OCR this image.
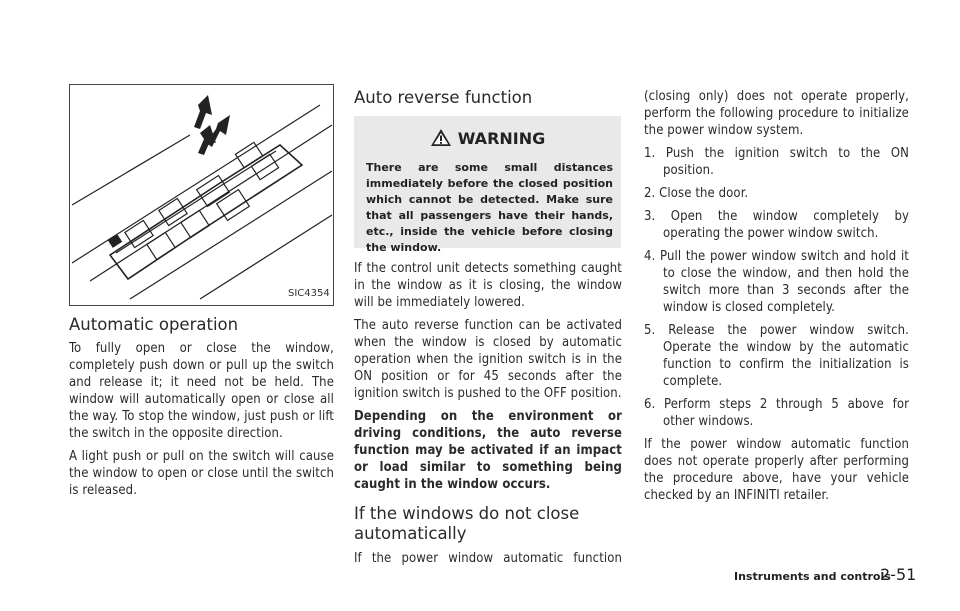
SIC4354
Automatic operation

To fully open or close the window, completely push down or pull up the switch and release it; it need not be held. The window will automatically open or close all the way. To stop the window, just push or lift the switch in the opposite direction.

A light push or pull on the switch will cause the window to open or close until the switch is released.

Auto reverse function
WARNING
There are some small distances immediately before the closed position which cannot be detected. Make sure that all passengers have their hands, etc., inside the vehicle before closing the window.

If the control unit detects something caught in the window as it is closing, the window will be immediately lowered.

The auto reverse function can be activated when the window is closed by automatic operation when the ignition switch is in the ON position or for 45 seconds after the ignition switch is pushed to the OFF position.

Depending on the environment or driving conditions, the auto reverse function may be activated if an impact or load similar to something being caught in the window occurs.

If the windows do not close automatically

If the power window automatic function

(closing only) does not operate properly, perform the following procedure to initialize the power window system.

1. Push the ignition switch to the ON position.

2. Close the door.

3. Open the window completely by operating the power window switch.

4. Pull the power window switch and hold it to close the window, and then hold the switch more than 3 seconds after the window is closed completely.

5. Release the power window switch. Operate the window by the automatic function to confirm the initialization is complete.

6. Perform steps 2 through 5 above for other windows.

If the power window automatic function does not operate properly after performing the procedure above, have your vehicle checked by an INFINITI retailer.

Instruments and controls
2-51
